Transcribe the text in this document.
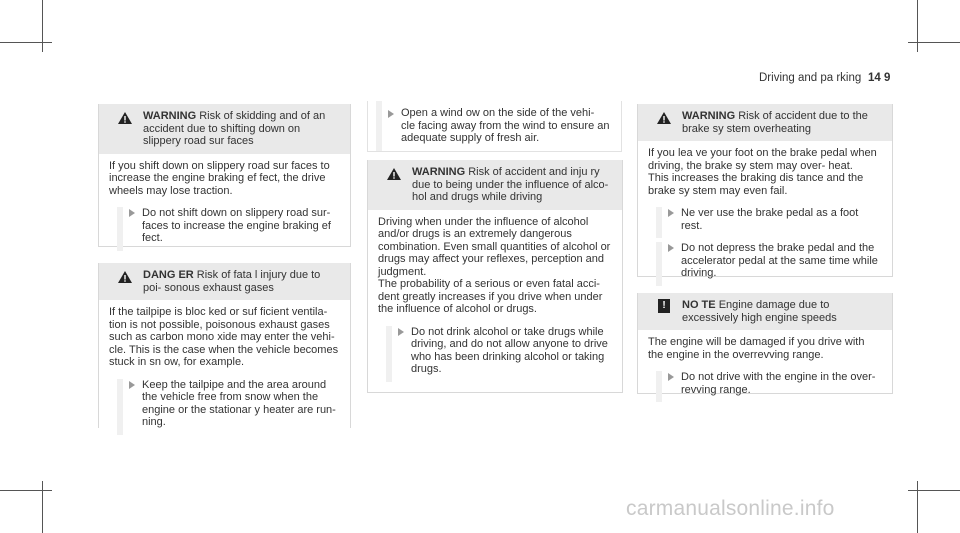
Driving and pa rking 14 9
WARNING Risk of skidding and of an accident due to shifting down on slippery road sur faces

If you shift down on slippery road sur faces to increase the engine braking ef fect, the drive wheels may lose traction.

Do not shift down on slippery road sur- faces to increase the engine braking ef fect.
DANG ER Risk of fata l injury due to poi- sonous exhaust gases

If the tailpipe is bloc ked or suf ficient ventila- tion is not possible, poisonous exhaust gases such as carbon mono xide may enter the vehi- cle. This is the case when the vehicle becomes stuck in sn ow, for example.

Keep the tailpipe and the area around the vehicle free from snow when the engine or the stationar y heater are run- ning.
Open a wind ow on the side of the vehi- cle facing away from the wind to ensure an adequate supply of fresh air.
WARNING Risk of accident and inju ry due to being under the influence of alco- hol and drugs while driving

Driving when under the influence of alcohol and/or drugs is an extremely dangerous combination. Even small quantities of alcohol or drugs may affect your reflexes, perception and judgment.

The probability of a serious or even fatal acci- dent greatly increases if you drive when under the influence of alcohol or drugs.

Do not drink alcohol or take drugs while driving, and do not allow anyone to drive who has been drinking alcohol or taking drugs.
WARNING Risk of accident due to the brake sy stem overheating

If you lea ve your foot on the brake pedal when driving, the brake sy stem may over- heat.

This increases the braking dis tance and the brake sy stem may even fail.

Ne ver use the brake pedal as a foot rest.
Do not depress the brake pedal and the accelerator pedal at the same time while driving.
!	NO TE Engine damage due to excessively high engine speeds

The engine will be damaged if you drive with the engine in the overrevving range.

Do not drive with the engine in the over- revving range.
carmanualsonline.info
